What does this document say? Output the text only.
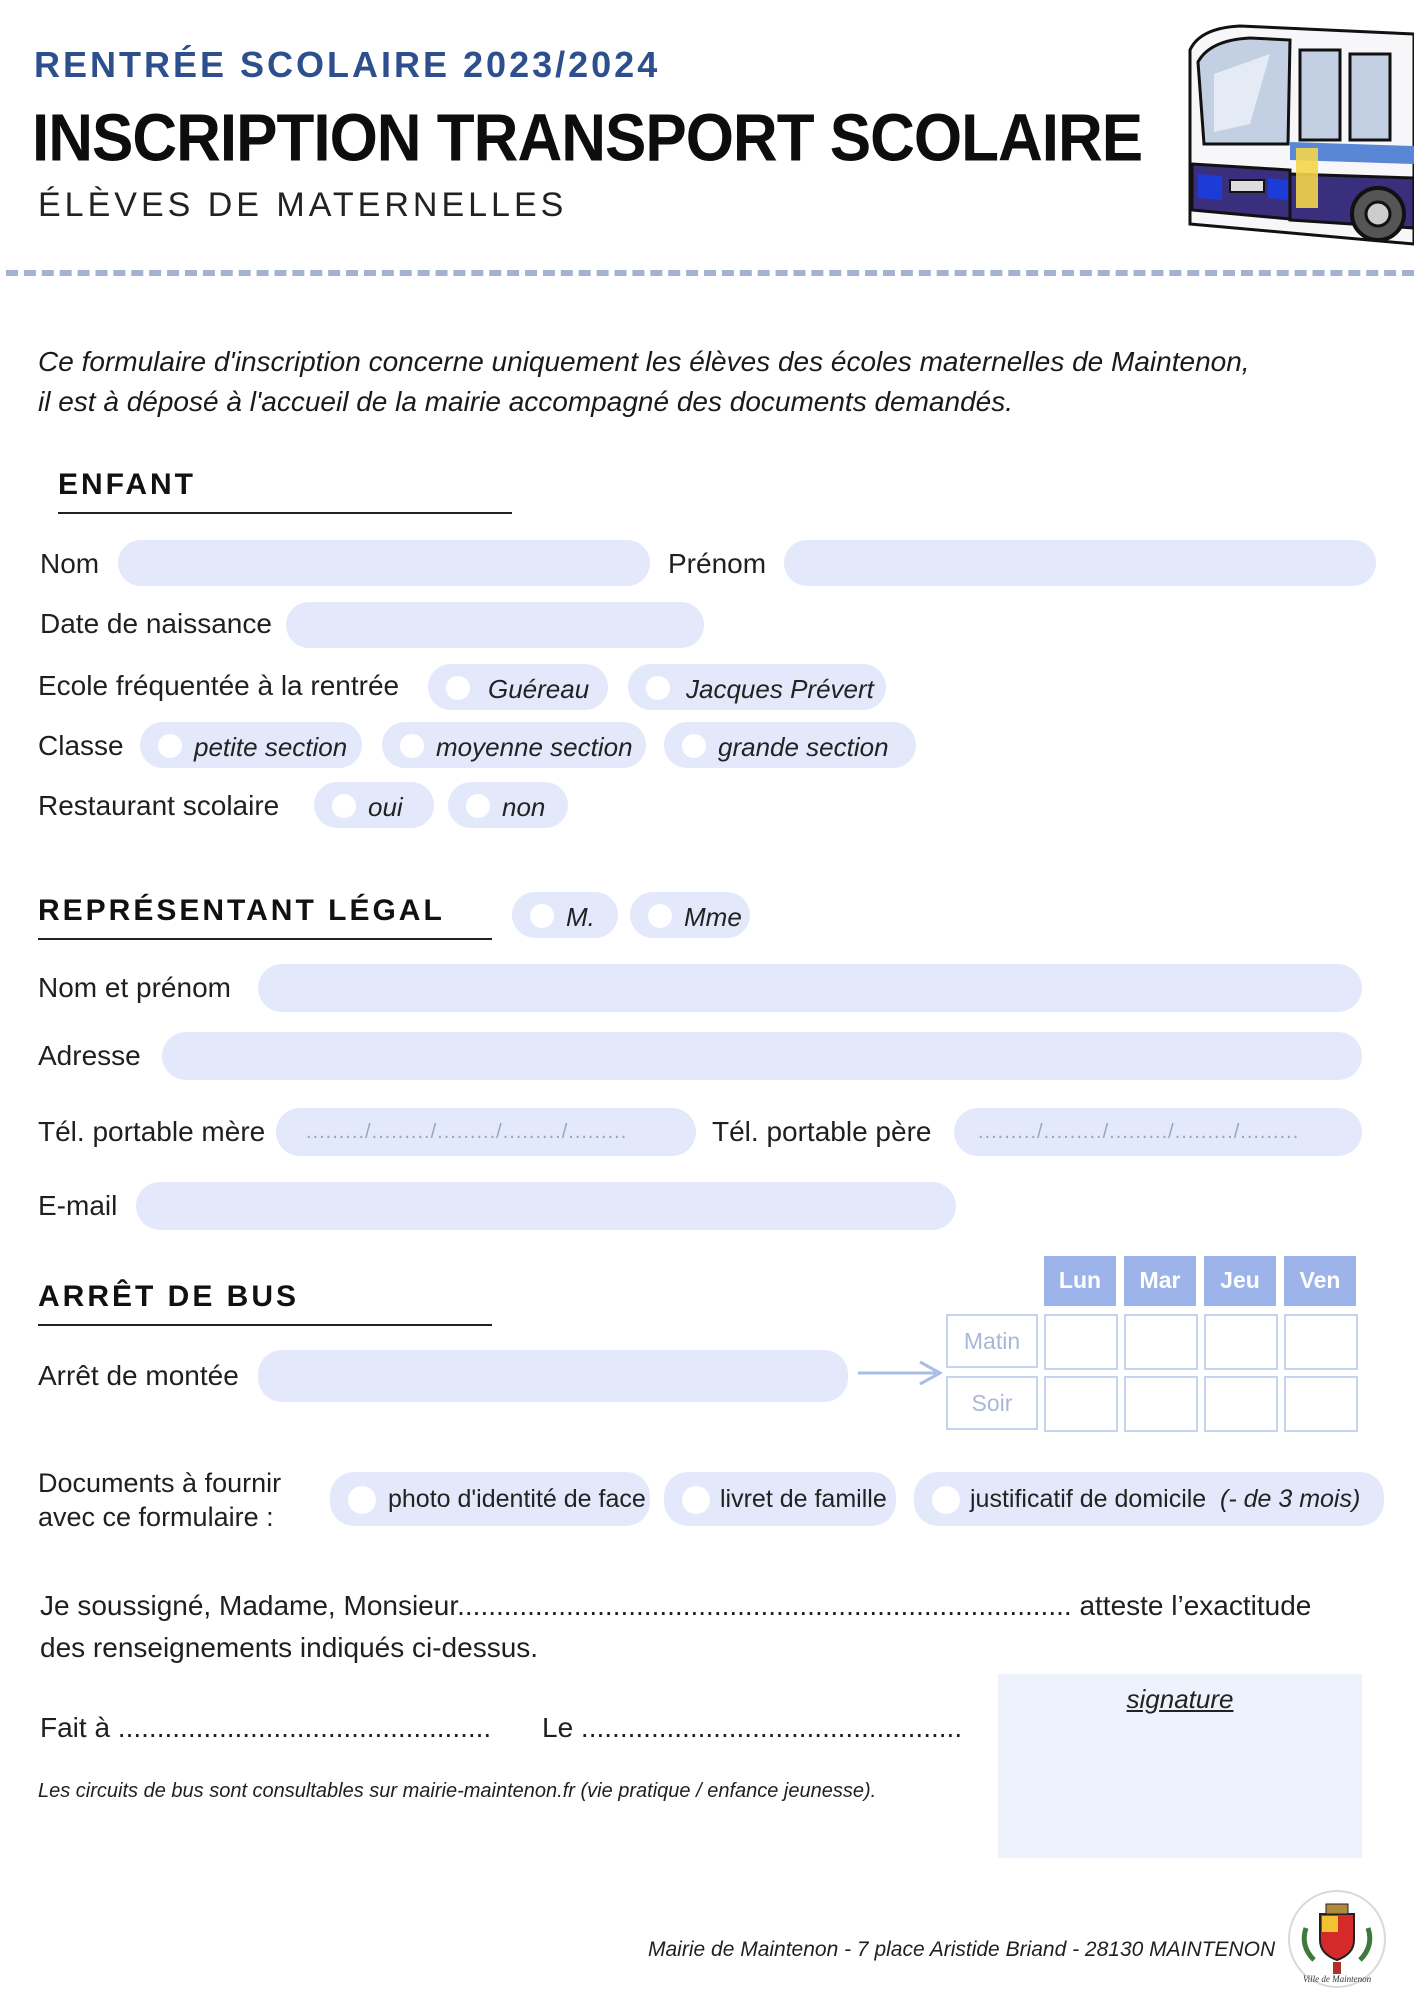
RENTRÉE SCOLAIRE 2023/2024
INSCRIPTION TRANSPORT SCOLAIRE
ÉLÈVES DE MATERNELLES
Ce formulaire d'inscription concerne uniquement les élèves des écoles maternelles de Maintenon,
il est à déposé à l'accueil de la mairie accompagné des documents demandés.
ENFANT
Nom	Prénom
Date de naissance
Ecole fréquentée à la rentrée	Guéreau	Jacques Prévert
Classe	petite section	moyenne section	grande section
Restaurant scolaire	oui	non
REPRÉSENTANT LÉGAL	M.	Mme
Nom et prénom
Adresse
Tél. portable mère ........./........./........./........./.........	Tél. portable père ........./........./........./........./.........
E-mail
ARRÊT DE BUS
Arrêt de montée
Lun	Mar	Jeu	Ven
Matin
Soir
Documents à fournir
avec ce formulaire :
photo d'identité de face	livret de famille	justificatif de domicile (- de 3 mois)
Je soussigné, Madame, Monsieur............................................................................... atteste l’exactitude
des renseignements indiqués ci-dessus.
Fait à ................................................ Le .................................................
signature
Les circuits de bus sont consultables sur mairie-maintenon.fr (vie pratique / enfance jeunesse).
Mairie de Maintenon - 7 place Aristide Briand - 28130 MAINTENON
Ville de Maintenon
